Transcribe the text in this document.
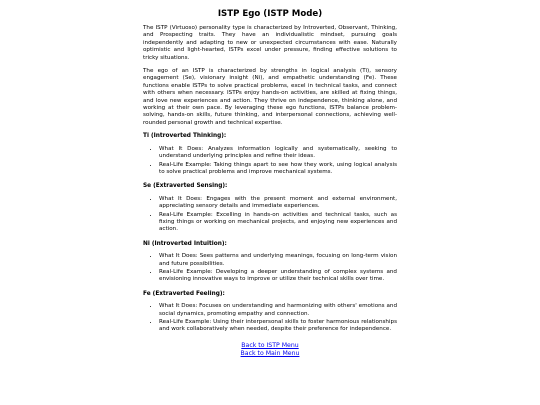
ISTP Ego (ISTP Mode)

The ISTP (Virtuoso) personality type is characterized by Introverted, Observant, Thinking, and Prospecting traits. They have an individualistic mindset, pursuing goals independently and adapting to new or unexpected circumstances with ease. Naturally optimistic and light-hearted, ISTPs excel under pressure, finding effective solutions to tricky situations.

The ego of an ISTP is characterized by strengths in logical analysis (Ti), sensory engagement (Se), visionary insight (Ni), and empathetic understanding (Fe). These functions enable ISTPs to solve practical problems, excel in technical tasks, and connect with others when necessary. ISTPs enjoy hands-on activities, are skilled at fixing things, and love new experiences and action. They thrive on independence, thinking alone, and working at their own pace. By leveraging these ego functions, ISTPs balance problem-solving, hands-on skills, future thinking, and interpersonal connections, achieving well-rounded personal growth and technical expertise.

Ti (Introverted Thinking):
• What It Does: Analyzes information logically and systematically, seeking to understand underlying principles and refine their ideas.
• Real-Life Example: Taking things apart to see how they work, using logical analysis to solve practical problems and improve mechanical systems.
Se (Extraverted Sensing):
• What It Does: Engages with the present moment and external environment, appreciating sensory details and immediate experiences.
• Real-Life Example: Excelling in hands-on activities and technical tasks, such as fixing things or working on mechanical projects, and enjoying new experiences and action.
Ni (Introverted Intuition):
• What It Does: Sees patterns and underlying meanings, focusing on long-term vision and future possibilities.
• Real-Life Example: Developing a deeper understanding of complex systems and envisioning innovative ways to improve or utilize their technical skills over time.
Fe (Extraverted Feeling):
• What It Does: Focuses on understanding and harmonizing with others' emotions and social dynamics, promoting empathy and connection.
• Real-Life Example: Using their interpersonal skills to foster harmonious relationships and work collaboratively when needed, despite their preference for independence.
Back to ISTP Menu
Back to Main Menu
